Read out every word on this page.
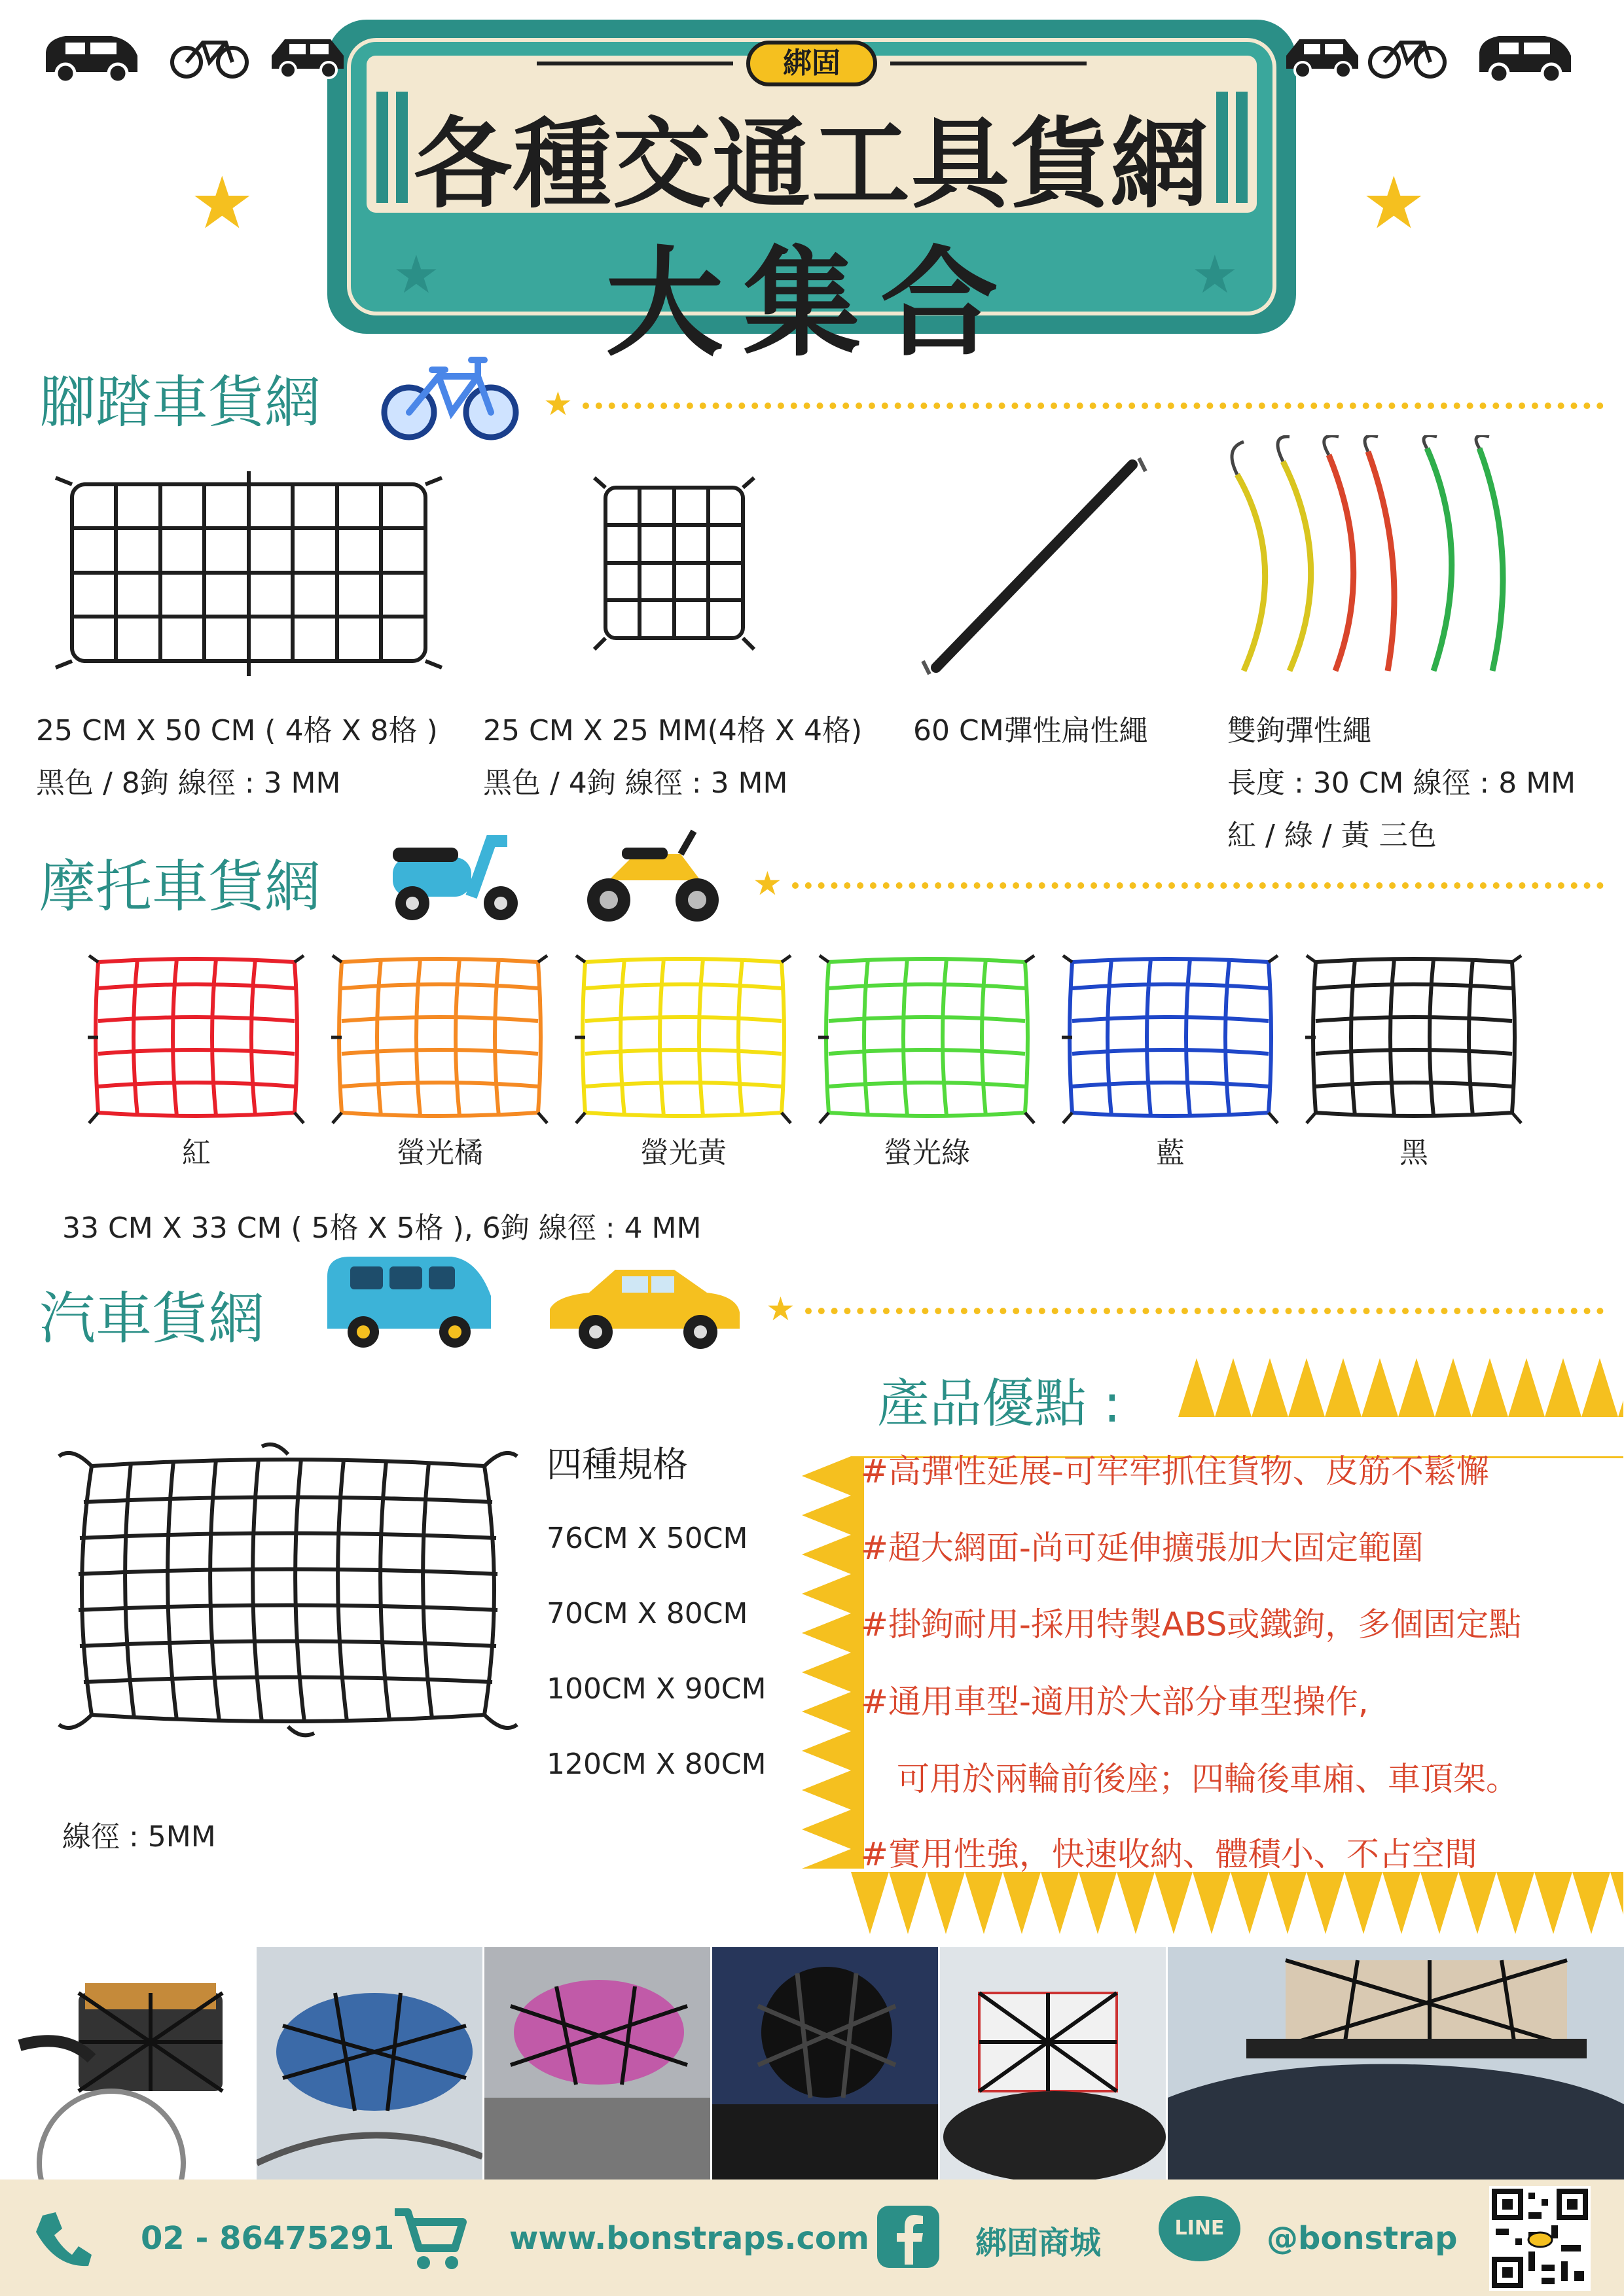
綁固
各種交通工具貨網
大集合
★	★
★	★
腳踏車貨網	★
25 CM X 50 CM ( 4格 X 8格 )
黑色 / 8鉤 線徑 : 3 MM
25 CM X 25 MM(4格 X 4格)
黑色 / 4鉤 線徑 : 3 MM
60 CM彈性扁性繩	雙鉤彈性繩
長度 : 30 CM 線徑 : 8 MM
紅 / 綠 / 黃 三色
摩托車貨網	★
紅	螢光橘	螢光黃	螢光綠	藍	黑
33 CM X 33 CM ( 5格 X 5格 ), 6鉤 線徑 : 4 MM
汽車貨網	★
四種規格
76CM X 50CM
70CM X 80CM
100CM X 90CM
120CM X 80CM
線徑 : 5MM
產品優點 :
#高彈性延展-可牢牢抓住貨物、皮筋不鬆懈
#超大網面-尚可延伸擴張加大固定範圍
#掛鉤耐用-採用特製ABS或鐵鉤，多個固定點
#通用車型-適用於大部分車型操作,
可用於兩輪前後座；四輪後車廂、車頂架。
#實用性強，快速收納、體積小、不占空間
02 - 86475291	www.bonstraps.com	綁固商城	LINE	@bonstrap
